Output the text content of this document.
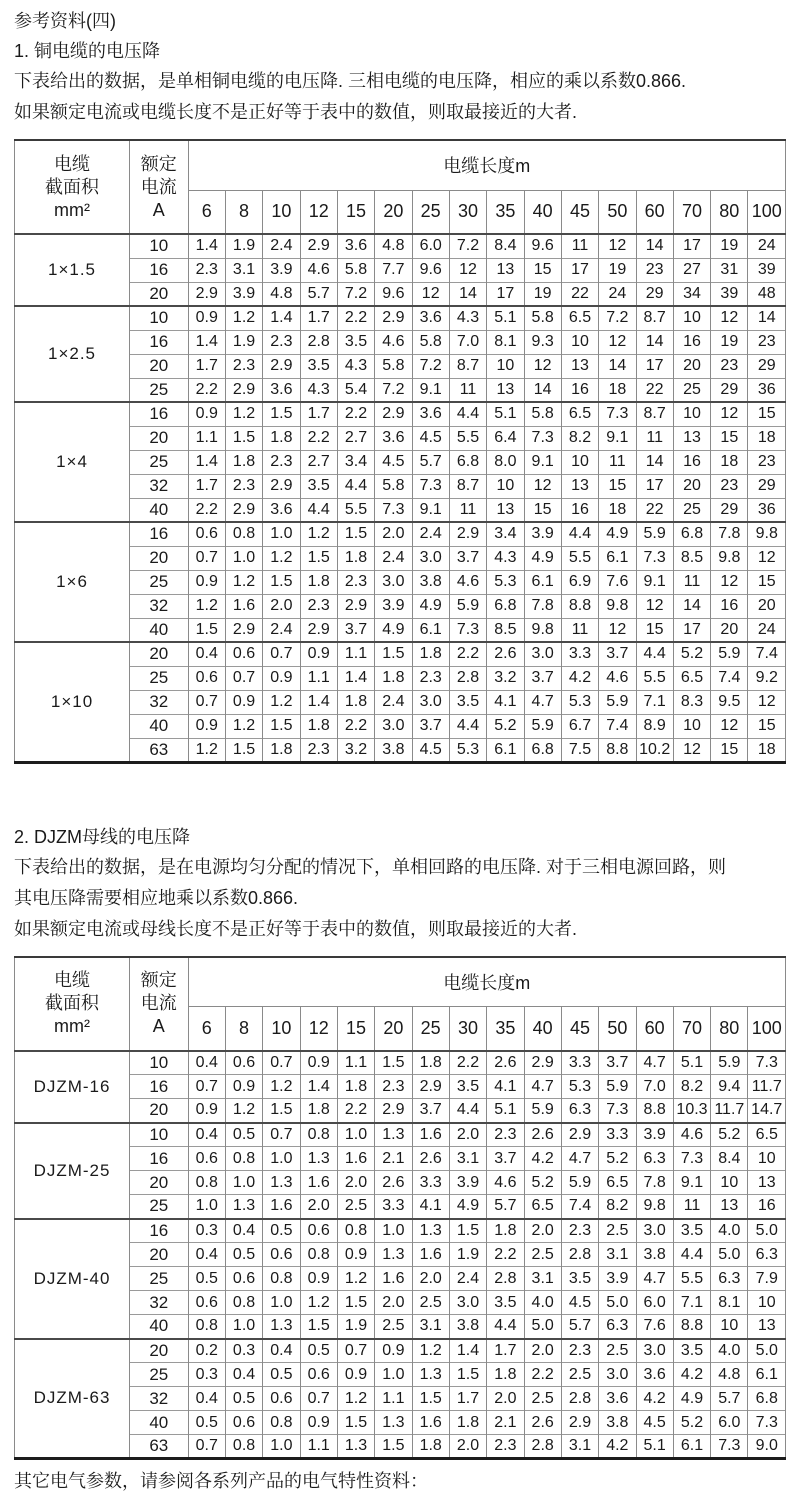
参考资料(四)
1. 铜电缆的电压降
下表给出的数据，是单相铜电缆的电压降. 三相电缆的电压降，相应的乘以系数0.866.
如果额定电流或电缆长度不是正好等于表中的数值，则取最接近的大者.
电缆
截面积
mm²

额定
电流
A
	电缆长度m
		6	8	10	12	15	20	25	30	35	40	45	50	60	70	80	100
1×1.5	10	1.4	1.9	2.4	2.9	3.6	4.8	6.0	7.2	8.4	9.6	11	12	14	17	19	24
	16	2.3	3.1	3.9	4.6	5.8	7.7	9.6	12	13	15	17	19	23	27	31	39
	20	2.9	3.9	4.8	5.7	7.2	9.6	12	14	17	19	22	24	29	34	39	48
1×2.5	10	0.9	1.2	1.4	1.7	2.2	2.9	3.6	4.3	5.1	5.8	6.5	7.2	8.7	10	12	14
	16	1.4	1.9	2.3	2.8	3.5	4.6	5.8	7.0	8.1	9.3	10	12	14	16	19	23
	20	1.7	2.3	2.9	3.5	4.3	5.8	7.2	8.7	10	12	13	14	17	20	23	29
	25	2.2	2.9	3.6	4.3	5.4	7.2	9.1	11	13	14	16	18	22	25	29	36
1×4	16	0.9	1.2	1.5	1.7	2.2	2.9	3.6	4.4	5.1	5.8	6.5	7.3	8.7	10	12	15
	20	1.1	1.5	1.8	2.2	2.7	3.6	4.5	5.5	6.4	7.3	8.2	9.1	11	13	15	18
	25	1.4	1.8	2.3	2.7	3.4	4.5	5.7	6.8	8.0	9.1	10	11	14	16	18	23
	32	1.7	2.3	2.9	3.5	4.4	5.8	7.3	8.7	10	12	13	15	17	20	23	29
	40	2.2	2.9	3.6	4.4	5.5	7.3	9.1	11	13	15	16	18	22	25	29	36
1×6	16	0.6	0.8	1.0	1.2	1.5	2.0	2.4	2.9	3.4	3.9	4.4	4.9	5.9	6.8	7.8	9.8
	20	0.7	1.0	1.2	1.5	1.8	2.4	3.0	3.7	4.3	4.9	5.5	6.1	7.3	8.5	9.8	12
	25	0.9	1.2	1.5	1.8	2.3	3.0	3.8	4.6	5.3	6.1	6.9	7.6	9.1	11	12	15
	32	1.2	1.6	2.0	2.3	2.9	3.9	4.9	5.9	6.8	7.8	8.8	9.8	12	14	16	20
	40	1.5	2.9	2.4	2.9	3.7	4.9	6.1	7.3	8.5	9.8	11	12	15	17	20	24
1×10	20	0.4	0.6	0.7	0.9	1.1	1.5	1.8	2.2	2.6	3.0	3.3	3.7	4.4	5.2	5.9	7.4
	25	0.6	0.7	0.9	1.1	1.4	1.8	2.3	2.8	3.2	3.7	4.2	4.6	5.5	6.5	7.4	9.2
	32	0.7	0.9	1.2	1.4	1.8	2.4	3.0	3.5	4.1	4.7	5.3	5.9	7.1	8.3	9.5	12
	40	0.9	1.2	1.5	1.8	2.2	3.0	3.7	4.4	5.2	5.9	6.7	7.4	8.9	10	12	15
	63	1.2	1.5	1.8	2.3	3.2	3.8	4.5	5.3	6.1	6.8	7.5	8.8	10.2	12	15	18
2. DJZM母线的电压降
下表给出的数据，是在电源均匀分配的情况下，单相回路的电压降. 对于三相电源回路，则
其电压降需要相应地乘以系数0.866.
如果额定电流或母线长度不是正好等于表中的数值，则取最接近的大者.
电缆
截面积
mm²

额定
电流
A
	电缆长度m
		6	8	10	12	15	20	25	30	35	40	45	50	60	70	80	100
DJZM-16	10	0.4	0.6	0.7	0.9	1.1	1.5	1.8	2.2	2.6	2.9	3.3	3.7	4.7	5.1	5.9	7.3
	16	0.7	0.9	1.2	1.4	1.8	2.3	2.9	3.5	4.1	4.7	5.3	5.9	7.0	8.2	9.4	11.7
	20	0.9	1.2	1.5	1.8	2.2	2.9	3.7	4.4	5.1	5.9	6.3	7.3	8.8	10.3	11.7	14.7
DJZM-25	10	0.4	0.5	0.7	0.8	1.0	1.3	1.6	2.0	2.3	2.6	2.9	3.3	3.9	4.6	5.2	6.5
	16	0.6	0.8	1.0	1.3	1.6	2.1	2.6	3.1	3.7	4.2	4.7	5.2	6.3	7.3	8.4	10
	20	0.8	1.0	1.3	1.6	2.0	2.6	3.3	3.9	4.6	5.2	5.9	6.5	7.8	9.1	10	13
	25	1.0	1.3	1.6	2.0	2.5	3.3	4.1	4.9	5.7	6.5	7.4	8.2	9.8	11	13	16
DJZM-40	16	0.3	0.4	0.5	0.6	0.8	1.0	1.3	1.5	1.8	2.0	2.3	2.5	3.0	3.5	4.0	5.0
	20	0.4	0.5	0.6	0.8	0.9	1.3	1.6	1.9	2.2	2.5	2.8	3.1	3.8	4.4	5.0	6.3
	25	0.5	0.6	0.8	0.9	1.2	1.6	2.0	2.4	2.8	3.1	3.5	3.9	4.7	5.5	6.3	7.9
	32	0.6	0.8	1.0	1.2	1.5	2.0	2.5	3.0	3.5	4.0	4.5	5.0	6.0	7.1	8.1	10
	40	0.8	1.0	1.3	1.5	1.9	2.5	3.1	3.8	4.4	5.0	5.7	6.3	7.6	8.8	10	13
DJZM-63	20	0.2	0.3	0.4	0.5	0.7	0.9	1.2	1.4	1.7	2.0	2.3	2.5	3.0	3.5	4.0	5.0
	25	0.3	0.4	0.5	0.6	0.9	1.0	1.3	1.5	1.8	2.2	2.5	3.0	3.6	4.2	4.8	6.1
	32	0.4	0.5	0.6	0.7	1.2	1.1	1.5	1.7	2.0	2.5	2.8	3.6	4.2	4.9	5.7	6.8
	40	0.5	0.6	0.8	0.9	1.5	1.3	1.6	1.8	2.1	2.6	2.9	3.8	4.5	5.2	6.0	7.3
	63	0.7	0.8	1.0	1.1	1.3	1.5	1.8	2.0	2.3	2.8	3.1	4.2	5.1	6.1	7.3	9.0
其它电气参数，请参阅各系列产品的电气特性资料：
